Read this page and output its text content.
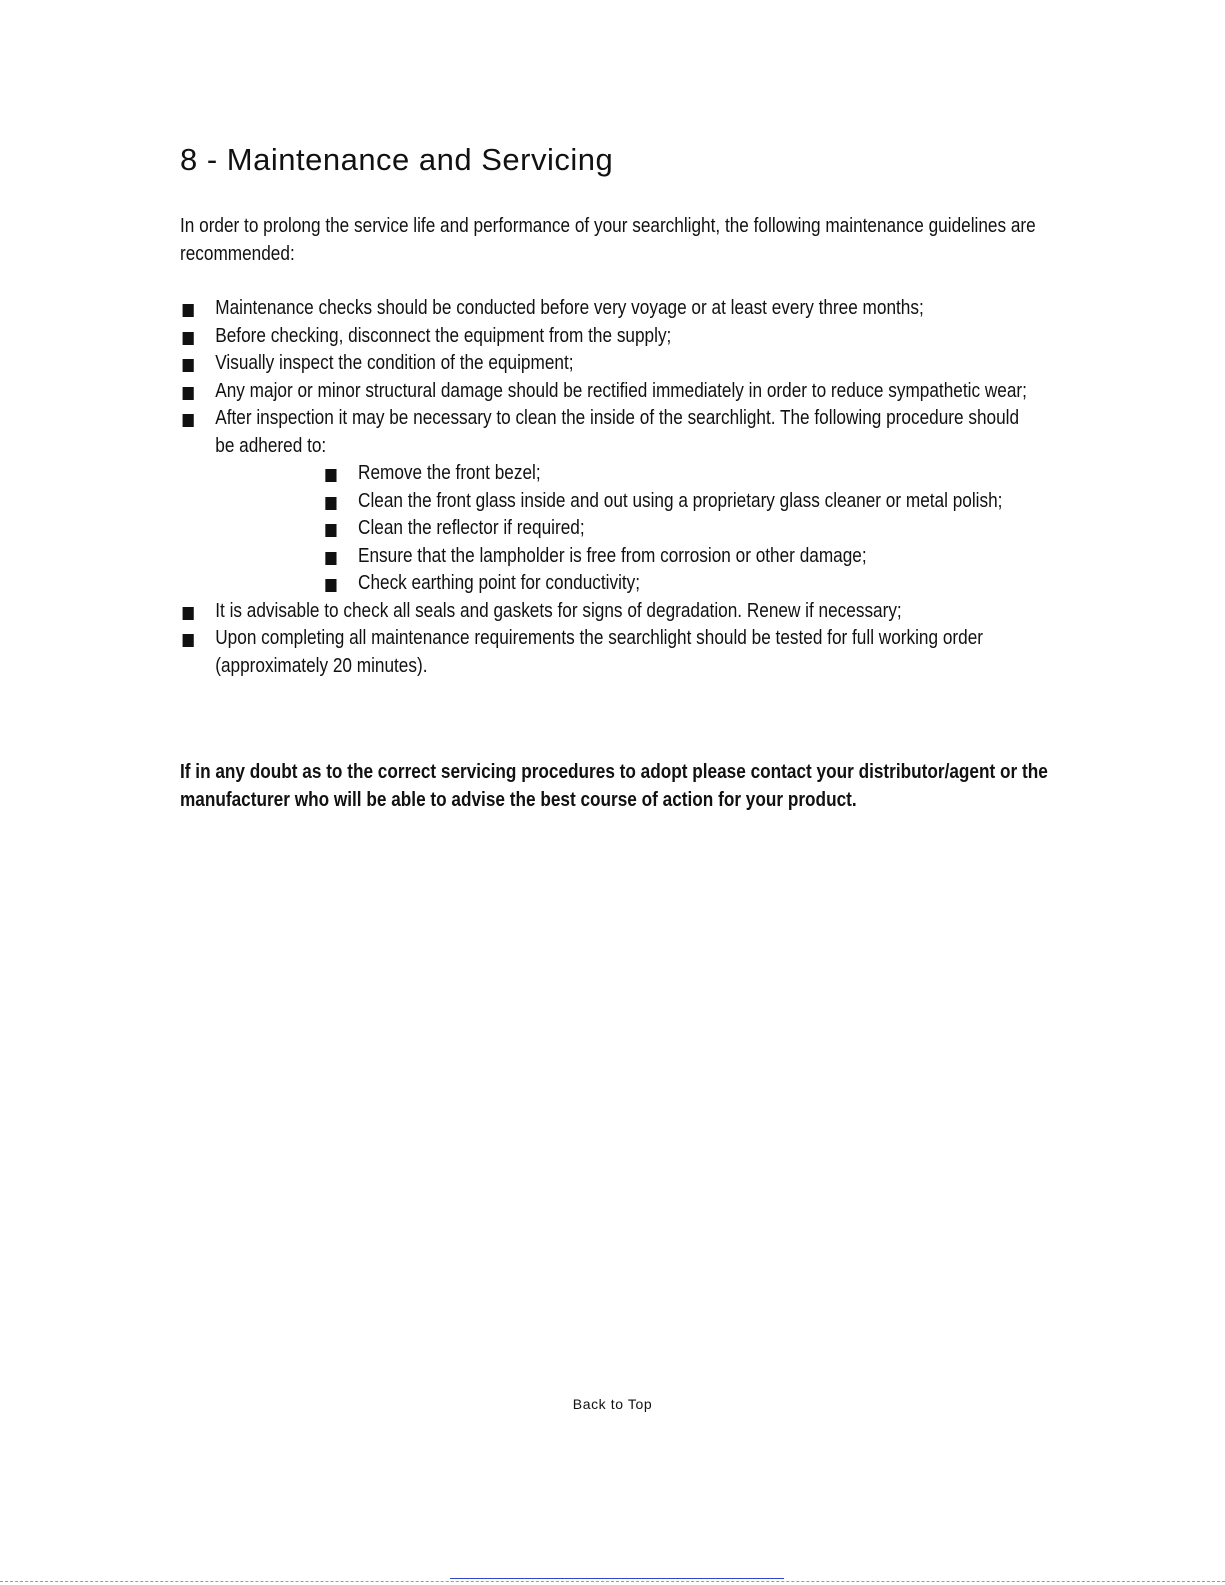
8 - Maintenance and Servicing

In order to prolong the service life and performance of your searchlight, the following maintenance guidelines are recommended:

Maintenance checks should be conducted before very voyage or at least every three months;
Before checking, disconnect the equipment from the supply;
Visually inspect the condition of the equipment;
Any major or minor structural damage should be rectified immediately in order to reduce sympathetic wear;
After inspection it may be necessary to clean the inside of the searchlight. The following procedure should be adhered to:
Remove the front bezel;
Clean the front glass inside and out using a proprietary glass cleaner or metal polish;
Clean the reflector if required;
Ensure that the lampholder is free from corrosion or other damage;
Check earthing point for conductivity;
It is advisable to check all seals and gaskets for signs of degradation. Renew if necessary;
Upon completing all maintenance requirements the searchlight should be tested for full working order (approximately 20 minutes).

If in any doubt as to the correct servicing procedures to adopt please contact your distributor/agent or the manufacturer who will be able to advise the best course of action for your product.

Back to Top
